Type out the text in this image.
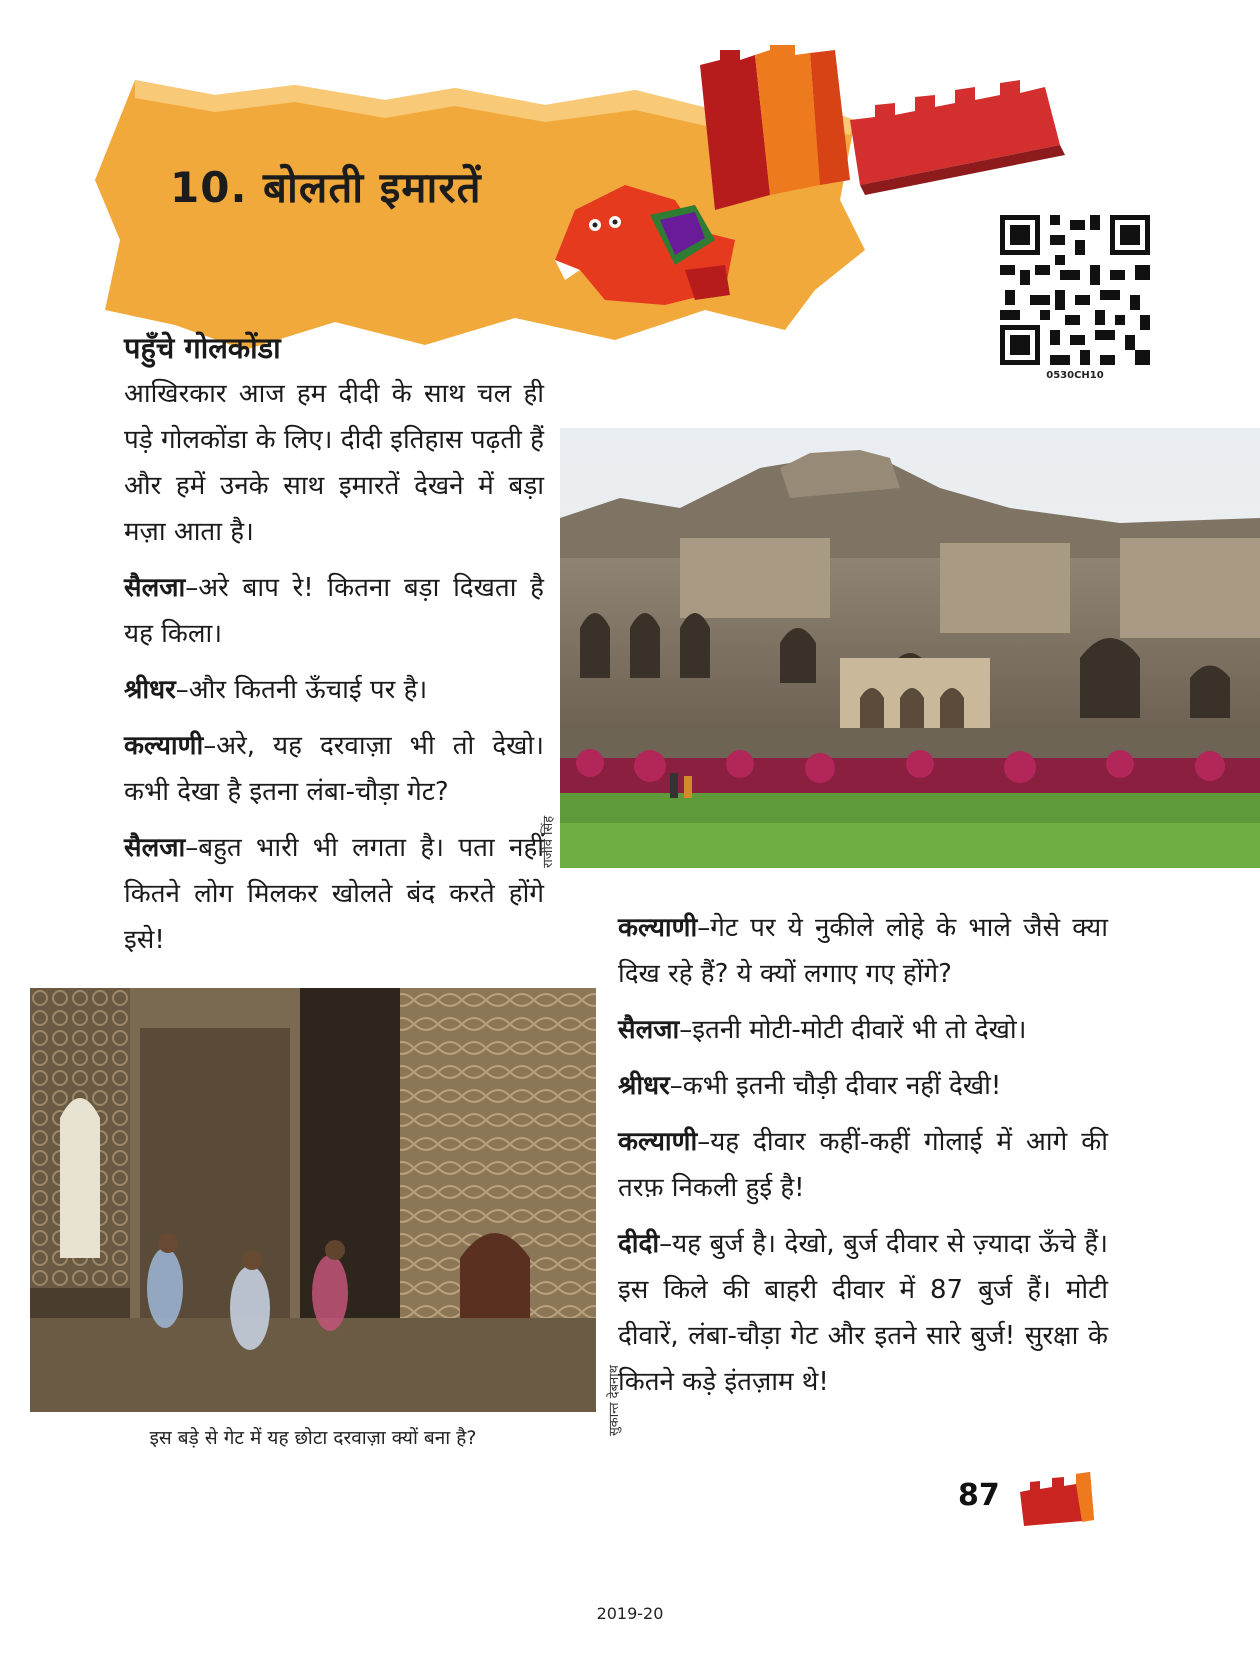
10. बोलती इमारतें
0530CH10

पहुँचे गोलकोंडा

आखिरकार आज हम दीदी के साथ चल ही पड़े गोलकोंडा के लिए। दीदी इतिहास पढ़ती हैं और हमें उनके साथ इमारतें देखने में बड़ा मज़ा आता है।

सैलजा–अरे बाप रे! कितना बड़ा दिखता है यह किला।

श्रीधर–और कितनी ऊँचाई पर है।

कल्याणी–अरे, यह दरवाज़ा भी तो देखो। कभी देखा है इतना लंबा-चौड़ा गेट?

सैलजा–बहुत भारी भी लगता है। पता नहीं कितने लोग मिलकर खोलते बंद करते होंगे इसे!

राजीव सिंह

कल्याणी–गेट पर ये नुकीले लोहे के भाले जैसे क्या दिख रहे हैं? ये क्यों लगाए गए होंगे?

सैलजा–इतनी मोटी-मोटी दीवारें भी तो देखो।

श्रीधर–कभी इतनी चौड़ी दीवार नहीं देखी!

कल्याणी–यह दीवार कहीं-कहीं गोलाई में आगे की तरफ़ निकली हुई है!

दीदी–यह बुर्ज है। देखो, बुर्ज दीवार से ज़्यादा ऊँचे हैं। इस किले की बाहरी दीवार में 87 बुर्ज हैं। मोटी दीवारें, लंबा-चौड़ा गेट और इतने सारे बुर्ज! सुरक्षा के कितने कड़े इंतज़ाम थे!

इस बड़े से गेट में यह छोटा दरवाज़ा क्यों बना है?
सुकान्त देबनाथ
87
2019-20
